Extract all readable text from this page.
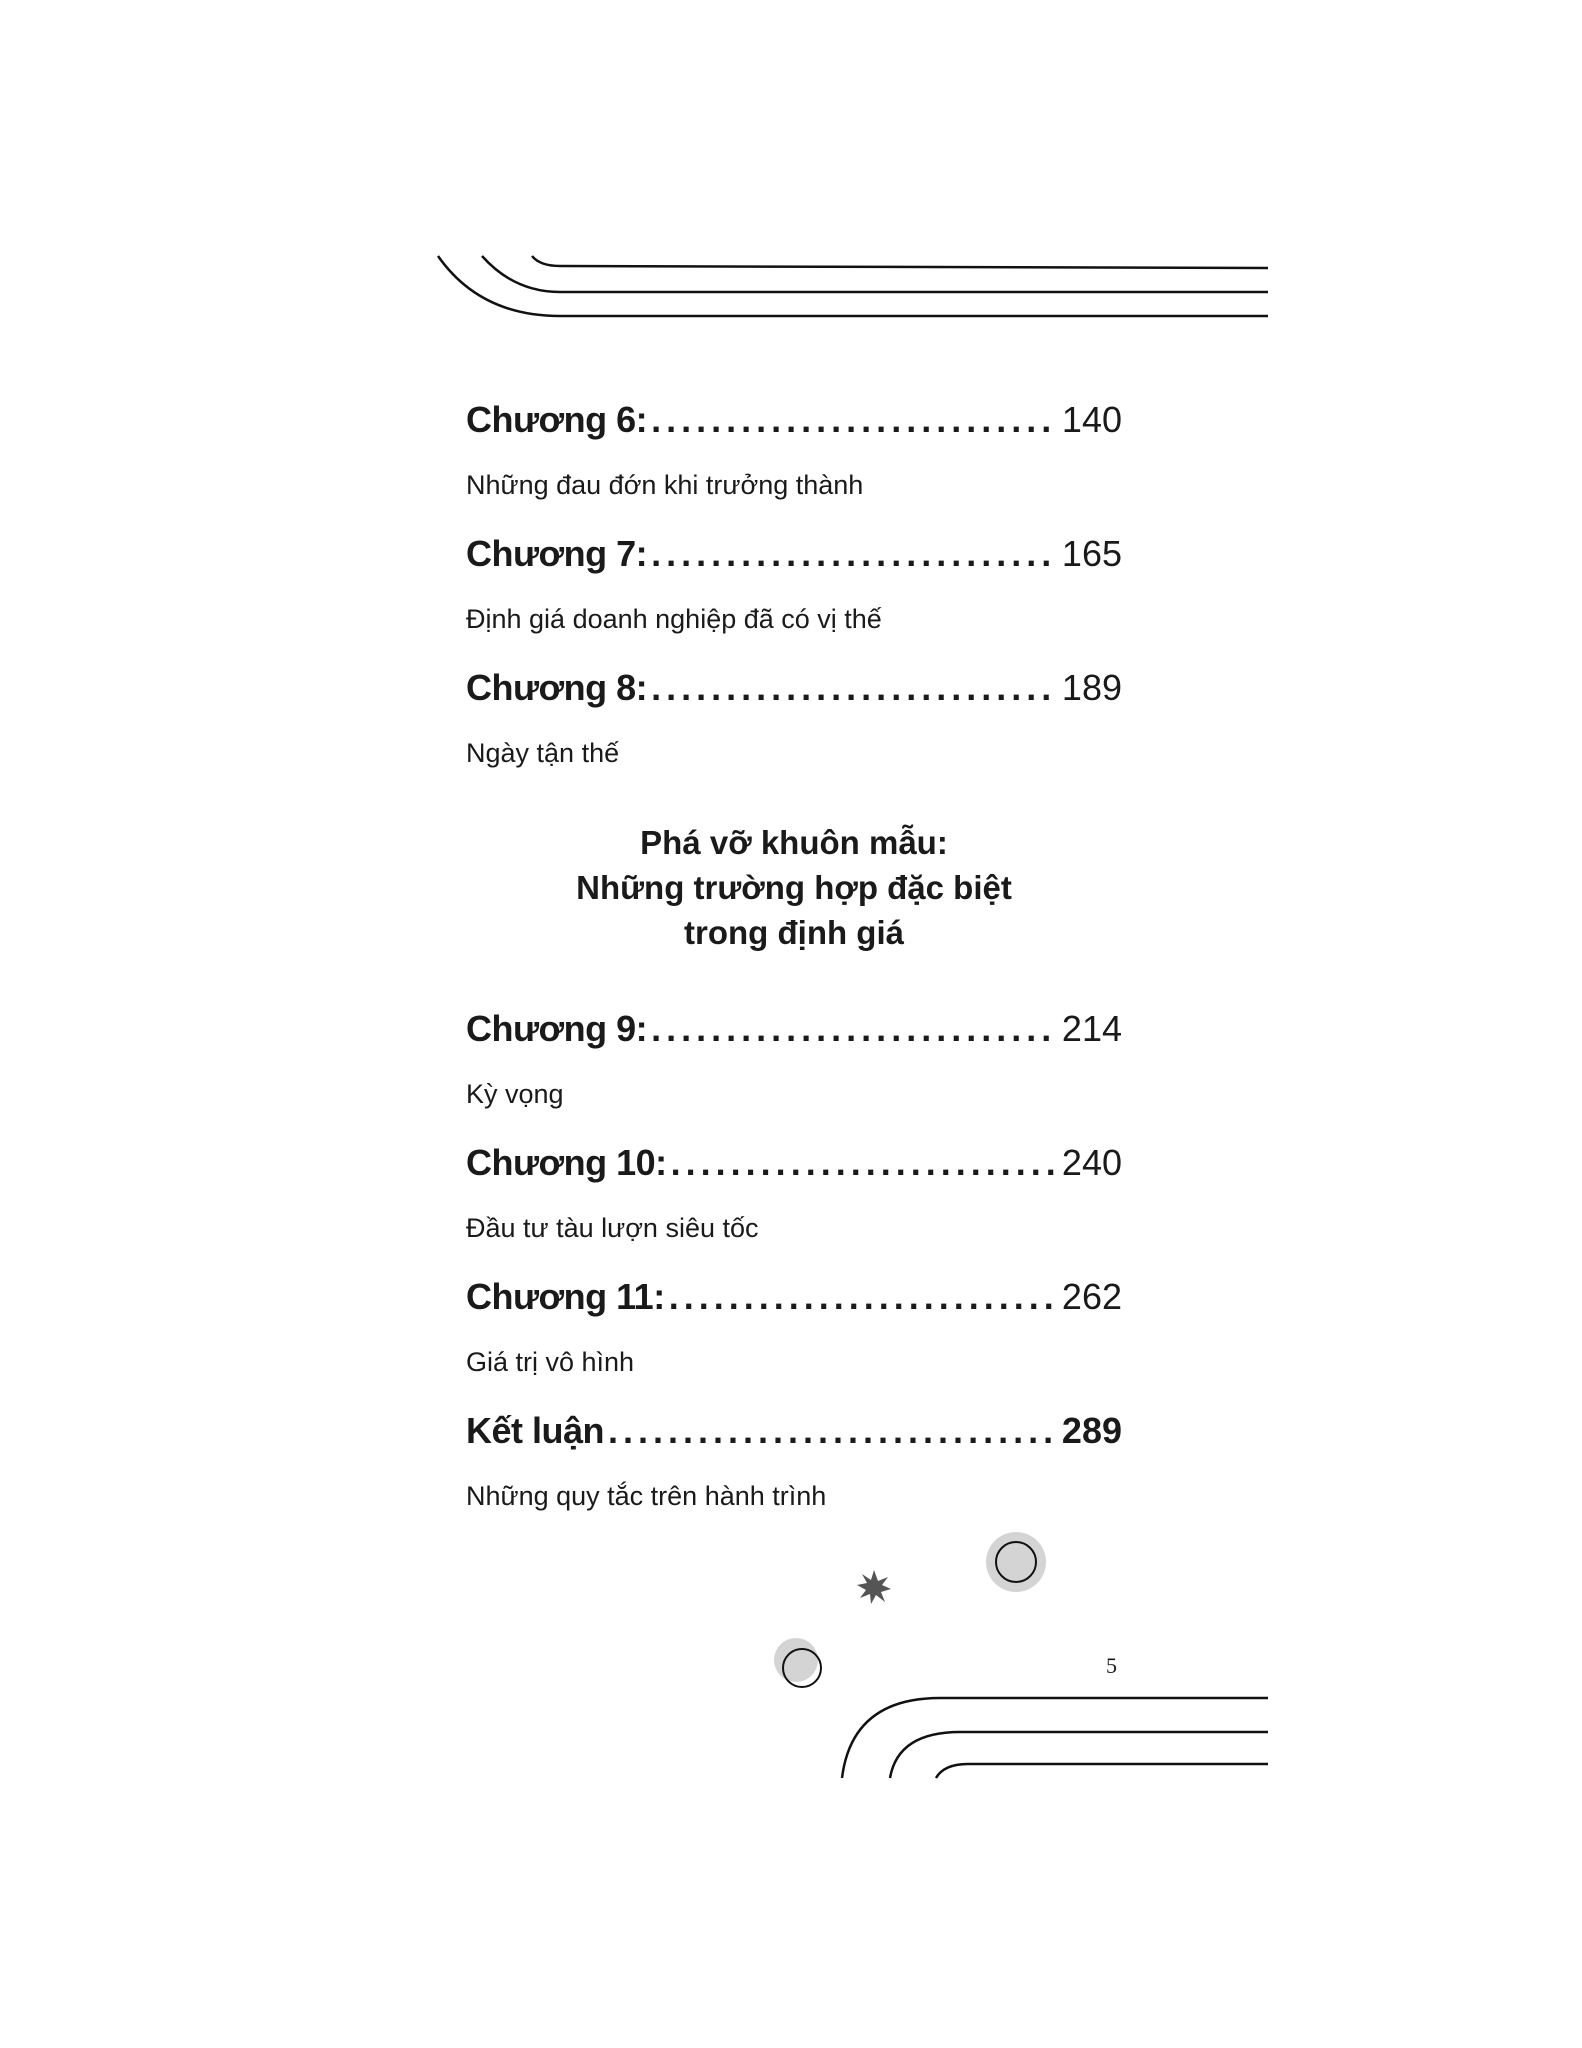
Chương 6: .....	140
Những đau đớn khi trưởng thành
Chương 7: .....	165
Định giá doanh nghiệp đã có vị thế
Chương 8: .....	189
Ngày tận thế
Phá vỡ khuôn mẫu:
Những trường hợp đặc biệt
trong định giá
Chương 9: .....	214
Kỳ vọng
Chương 10: .....	240
Đầu tư tàu lượn siêu tốc
Chương 11: .....	262
Giá trị vô hình
Kết luận .....	289
Những quy tắc trên hành trình
5
